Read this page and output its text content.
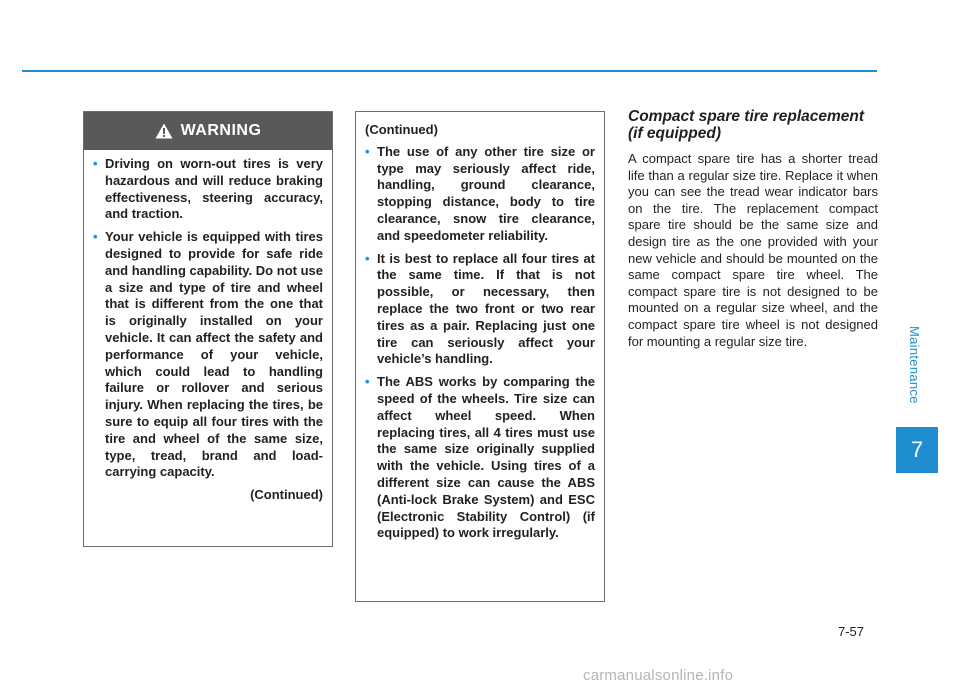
WARNING
• Driving on worn-out tires is very hazardous and will reduce braking effectiveness, steering accuracy, and traction.
• Your vehicle is equipped with tires designed to provide for safe ride and handling capability. Do not use a size and type of tire and wheel that is different from the one that is originally installed on your vehicle. It can affect the safety and performance of your vehicle, which could lead to handling failure or rollover and serious injury. When replacing the tires, be sure to equip all four tires with the tire and wheel of the same size, type, tread, brand and load-carrying capacity.
(Continued)
(Continued)
• The use of any other tire size or type may seriously affect ride, handling, ground clearance, stopping distance, body to tire clearance, snow tire clearance, and speedometer reliability.
• It is best to replace all four tires at the same time. If that is not possible, or necessary, then replace the two front or two rear tires as a pair. Replacing just one tire can seriously affect your vehicle’s handling.
• The ABS works by comparing the speed of the wheels. Tire size can affect wheel speed. When replacing tires, all 4 tires must use the same size originally supplied with the vehicle. Using tires of a different size can cause the ABS (Anti-lock Brake System) and ESC (Electronic Stability Control) (if equipped) to work irregularly.
Compact spare tire replacement (if equipped)

A compact spare tire has a shorter tread life than a regular size tire. Replace it when you can see the tread wear indicator bars on the tire. The replacement compact spare tire should be the same size and design tire as the one provided with your new vehicle and should be mounted on the same compact spare tire wheel. The compact spare tire is not designed to be mounted on a regular size wheel, and the compact spare tire wheel is not designed for mounting a regular size tire.	Maintenance
7
7-57
carmanualsonline.info
